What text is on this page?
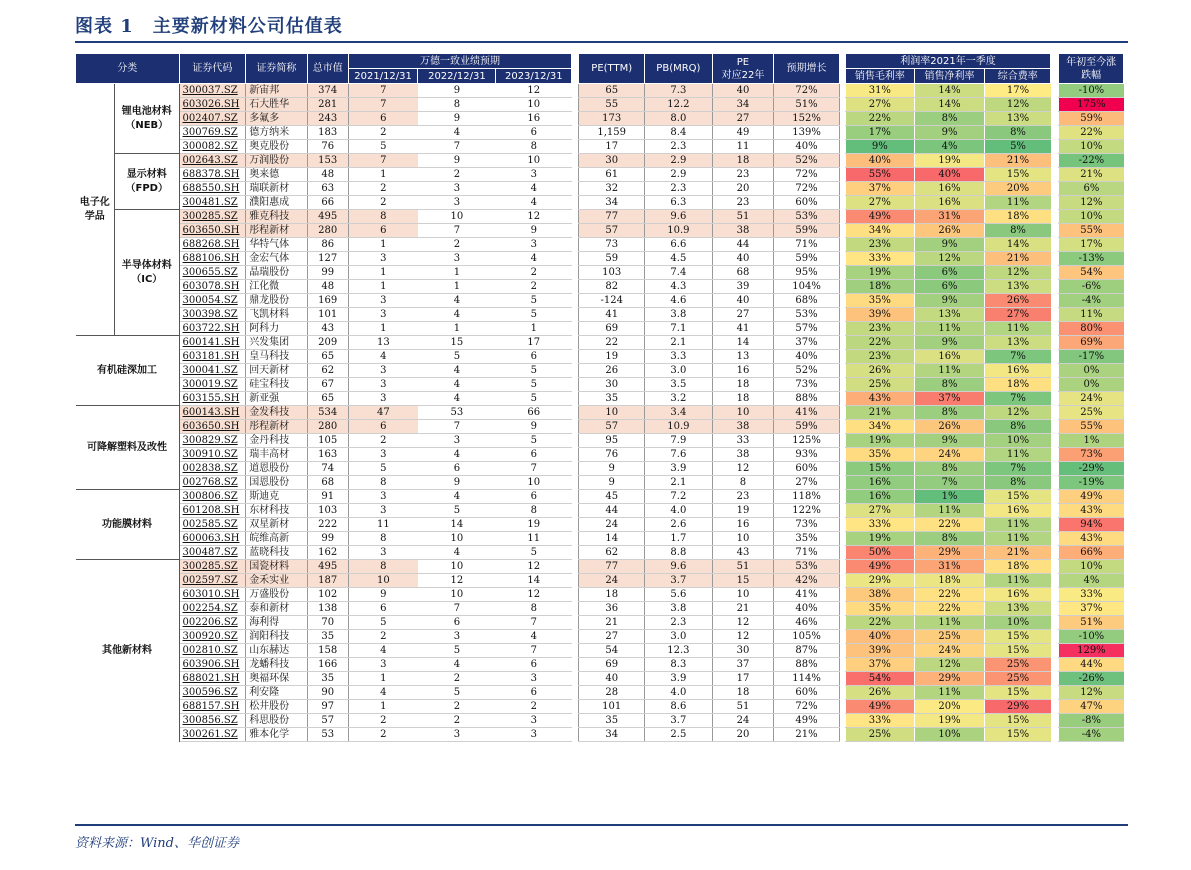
图表 1　主要新材料公司估值表
分类		证券代码	证券简称	总市值	万德一致业绩预期				PE(TTM)	PB(MRQ)	PE
对应22年	预期增长		利润率2021年一季度				年初至今涨
跌幅
					2021/12/31	2022/12/31	2023/12/31							销售毛利率	销售净利率	综合费率		
电子化学品	锂电池材料（NEB）	300037.SZ	新宙邦	374	7	9	12		65	7.3	40	72%		31%	14%	17%		-10%
		603026.SH	石大胜华	281	7	8	10		55	12.2	34	51%		27%	14%	12%		175%
		002407.SZ	多氟多	243	6	9	16		173	8.0	27	152%		22%	8%	13%		59%
		300769.SZ	德方纳米	183	2	4	6		1,159	8.4	49	139%		17%	9%	8%		22%
		300082.SZ	奥克股份	76	5	7	8		17	2.3	11	40%		9%	4%	5%		10%
	显示材料（FPD）	002643.SZ	万润股份	153	7	9	10		30	2.9	18	52%		40%	19%	21%		-22%
		688378.SH	奥来德	48	1	2	3		61	2.9	23	72%		55%	40%	15%		21%
		688550.SH	瑞联新材	63	2	3	4		32	2.3	20	72%		37%	16%	20%		6%
		300481.SZ	濮阳惠成	66	2	3	4		34	6.3	23	60%		27%	16%	11%		12%
	半导体材料（IC）	300285.SZ	雅克科技	495	8	10	12		77	9.6	51	53%		49%	31%	18%		10%
		603650.SH	彤程新材	280	6	7	9		57	10.9	38	59%		34%	26%	8%		55%
		688268.SH	华特气体	86	1	2	3		73	6.6	44	71%		23%	9%	14%		17%
		688106.SH	金宏气体	127	3	3	4		59	4.5	40	59%		33%	12%	21%		-13%
		300655.SZ	晶瑞股份	99	1	1	2		103	7.4	68	95%		19%	6%	12%		54%
		603078.SH	江化微	48	1	1	2		82	4.3	39	104%		18%	6%	13%		-6%
		300054.SZ	鼎龙股份	169	3	4	5		-124	4.6	40	68%		35%	9%	26%		-4%
		300398.SZ	飞凯材料	101	3	4	5		41	3.8	27	53%		39%	13%	27%		11%
		603722.SH	阿科力	43	1	1	1		69	7.1	41	57%		23%	11%	11%		80%
有机硅深加工		600141.SH	兴发集团	209	13	15	17		22	2.1	14	37%		22%	9%	13%		69%
		603181.SH	皇马科技	65	4	5	6		19	3.3	13	40%		23%	16%	7%		-17%
		300041.SZ	回天新材	62	3	4	5		26	3.0	16	52%		26%	11%	16%		0%
		300019.SZ	硅宝科技	67	3	4	5		30	3.5	18	73%		25%	8%	18%		0%
		603155.SH	新亚强	65	3	4	5		35	3.2	18	88%		43%	37%	7%		24%
可降解塑料及改性		600143.SH	金发科技	534	47	53	66		10	3.4	10	41%		21%	8%	12%		25%
		603650.SH	彤程新材	280	6	7	9		57	10.9	38	59%		34%	26%	8%		55%
		300829.SZ	金丹科技	105	2	3	5		95	7.9	33	125%		19%	9%	10%		1%
		300910.SZ	瑞丰高材	163	3	4	6		76	7.6	38	93%		35%	24%	11%		73%
		002838.SZ	道恩股份	74	5	6	7		9	3.9	12	60%		15%	8%	7%		-29%
		002768.SZ	国恩股份	68	8	9	10		9	2.1	8	27%		16%	7%	8%		-19%
功能膜材料		300806.SZ	斯迪克	91	3	4	6		45	7.2	23	118%		16%	1%	15%		49%
		601208.SH	东材科技	103	3	5	8		44	4.0	19	122%		27%	11%	16%		43%
		002585.SZ	双星新材	222	11	14	19		24	2.6	16	73%		33%	22%	11%		94%
		600063.SH	皖维高新	99	8	10	11		14	1.7	10	35%		19%	8%	11%		43%
		300487.SZ	蓝晓科技	162	3	4	5		62	8.8	43	71%		50%	29%	21%		66%
其他新材料		300285.SZ	国瓷材料	495	8	10	12		77	9.6	51	53%		49%	31%	18%		10%
		002597.SZ	金禾实业	187	10	12	14		24	3.7	15	42%		29%	18%	11%		4%
		603010.SH	万盛股份	102	9	10	12		18	5.6	10	41%		38%	22%	16%		33%
		002254.SZ	泰和新材	138	6	7	8		36	3.8	21	40%		35%	22%	13%		37%
		002206.SZ	海利得	70	5	6	7		21	2.3	12	46%		22%	11%	10%		51%
		300920.SZ	润阳科技	35	2	3	4		27	3.0	12	105%		40%	25%	15%		-10%
		002810.SZ	山东赫达	158	4	5	7		54	12.3	30	87%		39%	24%	15%		129%
		603906.SH	龙蟠科技	166	3	4	6		69	8.3	37	88%		37%	12%	25%		44%
		688021.SH	奥福环保	35	1	2	3		40	3.9	17	114%		54%	29%	25%		-26%
		300596.SZ	利安隆	90	4	5	6		28	4.0	18	60%		26%	11%	15%		12%
		688157.SH	松井股份	97	1	2	2		101	8.6	51	72%		49%	20%	29%		47%
		300856.SZ	科思股份	57	2	2	3		35	3.7	24	49%		33%	19%	15%		-8%
		300261.SZ	雅本化学	53	2	3	3		34	2.5	20	21%		25%	10%	15%		-4%
资料来源：Wind、华创证券
